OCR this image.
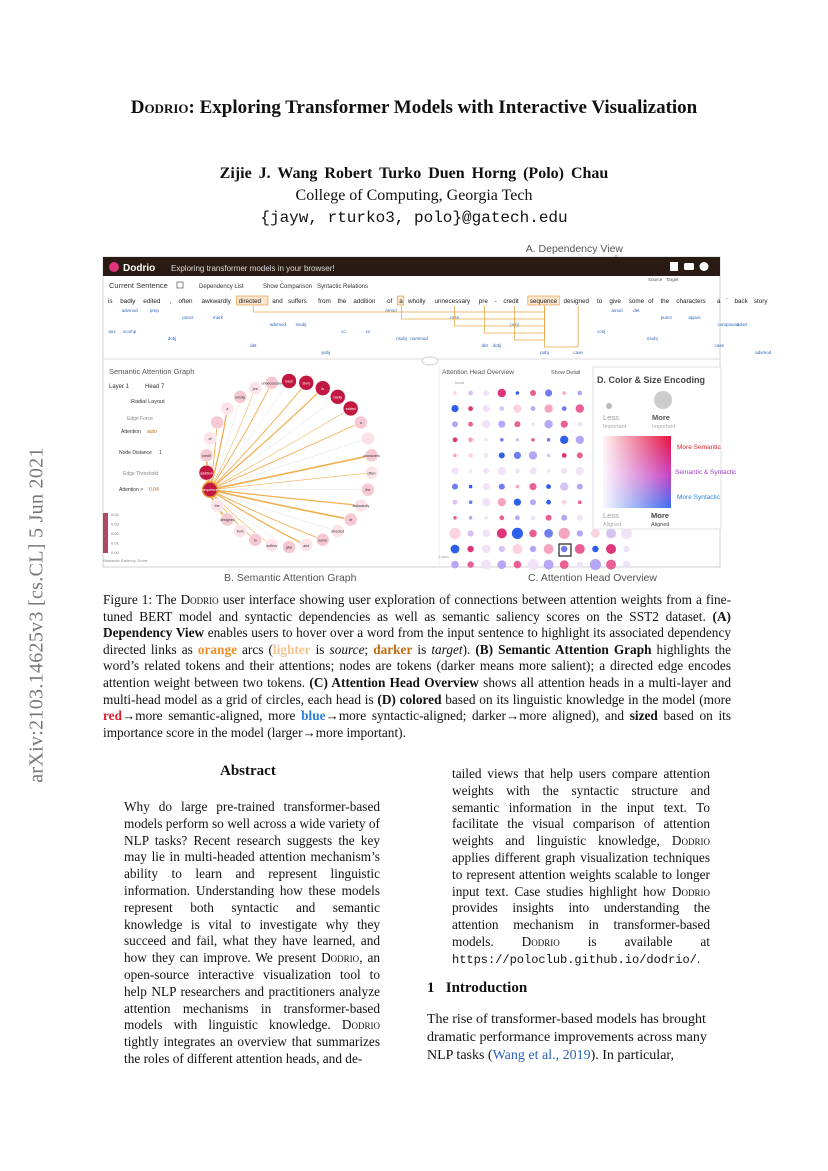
arXiv:2103.14625v3 [cs.CL] 5 Jun 2021
Dodrio: Exploring Transformer Models with Interactive Visualization
Zijie J. Wang Robert Turko Duen Horng (Polo) Chau
College of Computing, Georgia Tech
{jayw, rturko3, polo}@gatech.edu
A. Dependency View
Dodrio Exploring transformer models in your browser!
Current Sentence	Dependency List	Show Comparison Syntactic Relations
Source Target
is badly edited , often awkwardly directed and suffers from the addition of a wholly unnecessary pre - credit sequence designed to give some of the characters a ` back story
advmod
punct
advmod
cc
nsubj
det
pobj
amod
punct
compound
aux
dobj
det
pobj
amod
case
pobj
conj
nsubj
case
advmod
prep
mark
nsubj
cc
nummod
dobj
case
det
appos
advcl
xcomp
Semantic Attention Graph
Layer 1	Head 7
Radial Layout
Edge Force
Attention auto
Node Distance 1
Edge Threshold
Attention > 0.04
0.04
0.03
0.02
0.01
0.00
Semantic Saliency Score
back	story
is
badly
edited
a
,
characters
often
the
awkwardly
of
directed
some
and
give
suffers
to
from
designed
the
sequence
addition
credit
of
-
a
wholly
pre
unnecessary
Attention Head Overview	Show Detail
head
Layer
D. Color & Size Encoding
Less	More
Important	Important
More Semantic
Semantic & Syntactic
More Syntactic
Less	More
Aligned	Aligned
B. Semantic Attention Graph	C. Attention Head Overview
Figure 1: The Dodrio user interface showing user exploration of connections between attention weights from a fine-tuned BERT model and syntactic dependencies as well as semantic saliency scores on the SST2 dataset. (A) Dependency View enables users to hover over a word from the input sentence to highlight its associated dependency directed links as orange arcs (lighter is source; darker is target). (B) Semantic Attention Graph highlights the word’s related tokens and their attentions; nodes are tokens (darker means more salient); a directed edge encodes attention weight between two tokens. (C) Attention Head Overview shows all attention heads in a multi-layer and multi-head model as a grid of circles, each head is (D) colored based on its linguistic knowledge in the model (more red→more semantic-aligned, more blue→more syntactic-aligned; darker→more aligned), and sized based on its importance score in the model (larger→more important).
Abstract
Why do large pre-trained transformer-based models perform so well across a wide variety of NLP tasks? Recent research suggests the key may lie in multi-headed attention mechanism’s ability to learn and represent linguistic information. Understanding how these models represent both syntactic and semantic knowledge is vital to investigate why they succeed and fail, what they have learned, and how they can improve. We present Dodrio, an open-source interactive visualization tool to help NLP researchers and practitioners analyze attention mechanisms in transformer-based models with linguistic knowledge. Dodrio tightly integrates an overview that summarizes the roles of different attention heads, and de-
tailed views that help users compare attention weights with the syntactic structure and semantic information in the input text. To facilitate the visual comparison of attention weights and linguistic knowledge, Dodrio applies different graph visualization techniques to represent attention weights scalable to longer input text. Case studies highlight how Dodrio provides insights into understanding the attention mechanism in transformer-based models. Dodrio is available at https://poloclub.github.io/dodrio/.
1   Introduction
The rise of transformer-based models has brought dramatic performance improvements across many NLP tasks (Wang et al., 2019). In particular,
